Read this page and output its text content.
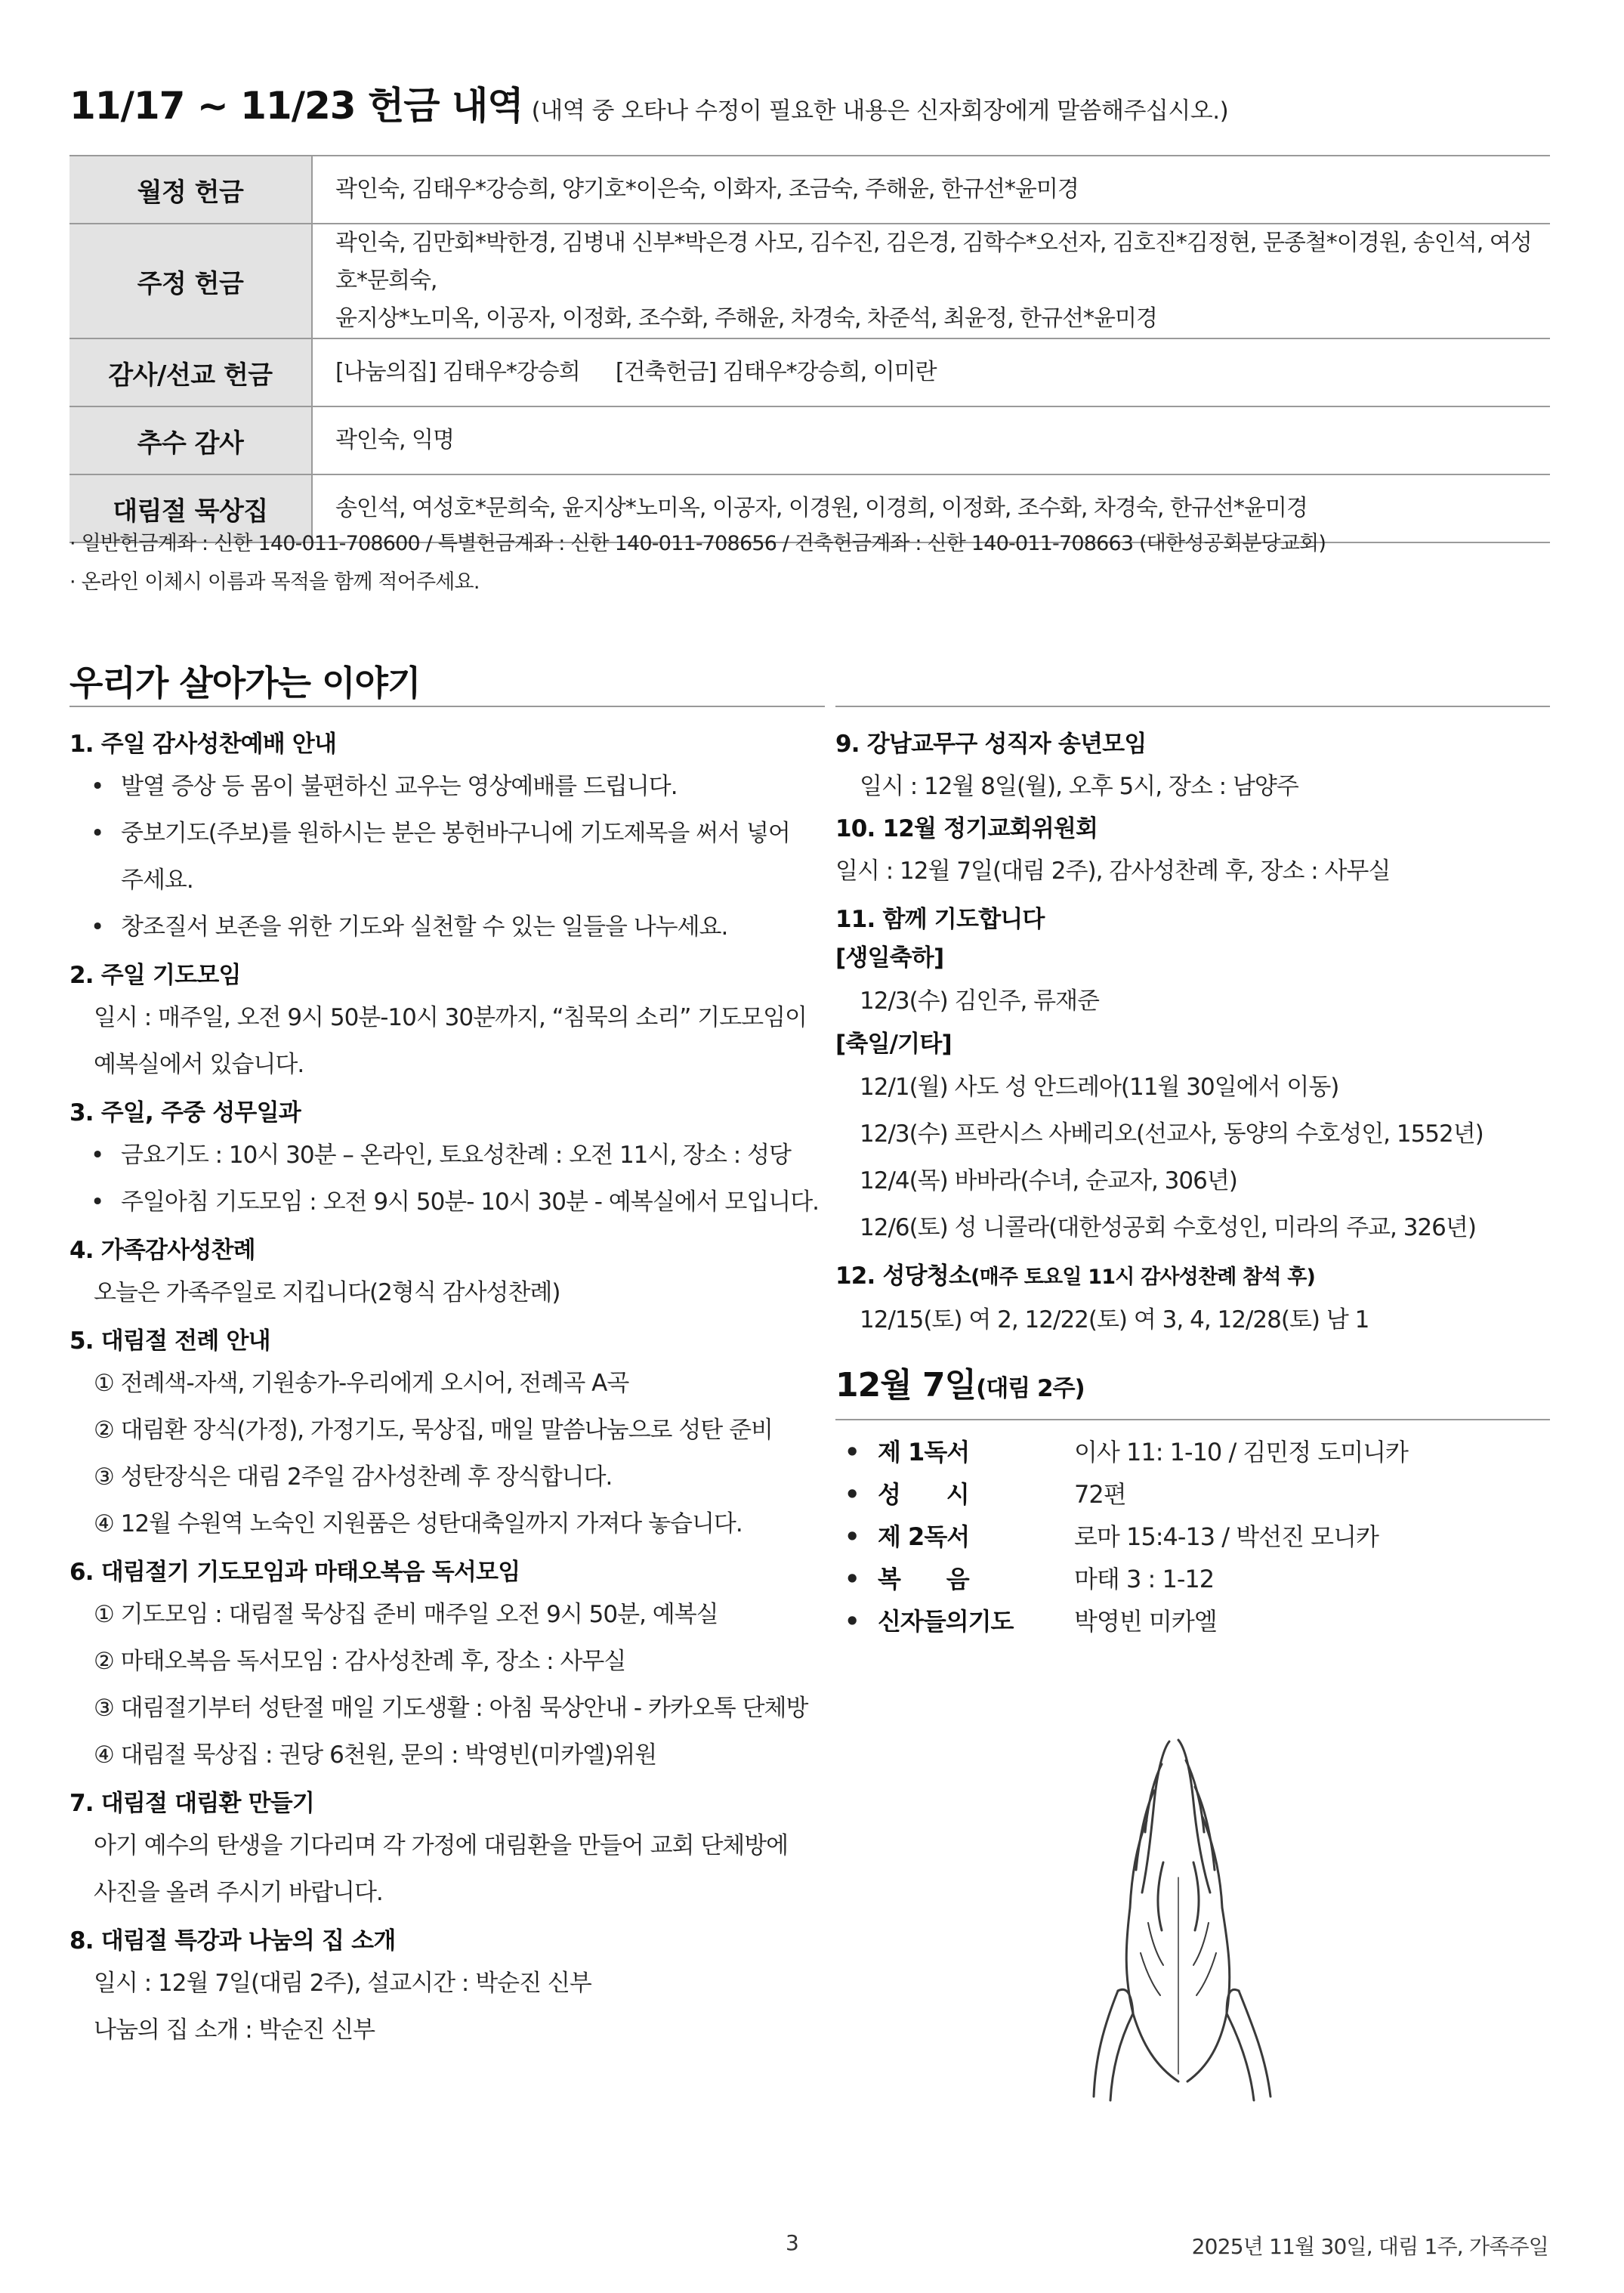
11/17 ~ 11/23 헌금 내역 (내역 중 오타나 수정이 필요한 내용은 신자회장에게 말씀해주십시오.)
월정 헌금	곽인숙, 김태우*강승희, 양기호*이은숙, 이화자, 조금숙, 주해윤, 한규선*윤미경
주정 헌금	곽인숙, 김만회*박한경, 김병내 신부*박은경 사모, 김수진, 김은경, 김학수*오선자, 김호진*김정현, 문종철*이경원, 송인석, 여성호*문희숙,
윤지상*노미옥, 이공자, 이정화, 조수화, 주해윤, 차경숙, 차준석, 최윤정, 한규선*윤미경

감사/선교 헌금	[나눔의집] 김태우*강승희 [건축헌금] 김태우*강승희, 이미란
추수 감사	곽인숙, 익명
대림절 묵상집	송인석, 여성호*문희숙, 윤지상*노미옥, 이공자, 이경원, 이경희, 이정화, 조수화, 차경숙, 한규선*윤미경
· 일반헌금계좌 : 신한 140-011-708600 / 특별헌금계좌 : 신한 140-011-708656 / 건축헌금계좌 : 신한 140-011-708663 (대한성공회분당교회)
· 온라인 이체시 이름과 목적을 함께 적어주세요.
우리가 살아가는 이야기
1. 주일 감사성찬예배 안내
• 발열 증상 등 몸이 불편하신 교우는 영상예배를 드립니다.
• 중보기도(주보)를 원하시는 분은 봉헌바구니에 기도제목을 써서 넣어
주세요.
• 창조질서 보존을 위한 기도와 실천할 수 있는 일들을 나누세요.
2. 주일 기도모임
일시 : 매주일, 오전 9시 50분-10시 30분까지, “침묵의 소리” 기도모임이
예복실에서 있습니다.
3. 주일, 주중 성무일과
• 금요기도 : 10시 30분 – 온라인, 토요성찬례 : 오전 11시, 장소 : 성당
• 주일아침 기도모임 : 오전 9시 50분- 10시 30분 - 예복실에서 모입니다.
4. 가족감사성찬례
오늘은 가족주일로 지킵니다(2형식 감사성찬례)
5. 대림절 전례 안내
① 전례색-자색, 기원송가-우리에게 오시어, 전례곡 A곡
② 대림환 장식(가정), 가정기도, 묵상집, 매일 말씀나눔으로 성탄 준비
③ 성탄장식은 대림 2주일 감사성찬례 후 장식합니다.
④ 12월 수원역 노숙인 지원품은 성탄대축일까지 가져다 놓습니다.
6. 대림절기 기도모임과 마태오복음 독서모임
① 기도모임 : 대림절 묵상집 준비 매주일 오전 9시 50분, 예복실
② 마태오복음 독서모임 : 감사성찬례 후, 장소 : 사무실
③ 대림절기부터 성탄절 매일 기도생활 : 아침 묵상안내 - 카카오톡 단체방
④ 대림절 묵상집 : 권당 6천원, 문의 : 박영빈(미카엘)위원
7. 대림절 대림환 만들기
아기 예수의 탄생을 기다리며 각 가정에 대림환을 만들어 교회 단체방에
사진을 올려 주시기 바랍니다.
8. 대림절 특강과 나눔의 집 소개
일시 : 12월 7일(대림 2주), 설교시간 : 박순진 신부
나눔의 집 소개 : 박순진 신부
9. 강남교무구 성직자 송년모임
일시 : 12월 8일(월), 오후 5시, 장소 : 남양주
10. 12월 정기교회위원회
일시 : 12월 7일(대림 2주), 감사성찬례 후, 장소 : 사무실
11. 함께 기도합니다
[생일축하]
12/3(수) 김인주, 류재준
[축일/기타]
12/1(월) 사도 성 안드레아(11월 30일에서 이동)
12/3(수) 프란시스 사베리오(선교사, 동양의 수호성인, 1552년)
12/4(목) 바바라(수녀, 순교자, 306년)
12/6(토) 성 니콜라(대한성공회 수호성인, 미라의 주교, 326년)
12. 성당청소(매주 토요일 11시 감사성찬례 참석 후)
12/15(토) 여 2, 12/22(토) 여 3, 4, 12/28(토) 남 1
12월 7일(대림 2주)
• 제 1독서	이사 11: 1-10 / 김민정 도미니카
• 성      시	72편
• 제 2독서	로마 15:4-13 / 박선진 모니카
• 복      음	마태 3 : 1-12
• 신자들의기도	박영빈 미카엘
3	2025년 11월 30일, 대림 1주, 가족주일
